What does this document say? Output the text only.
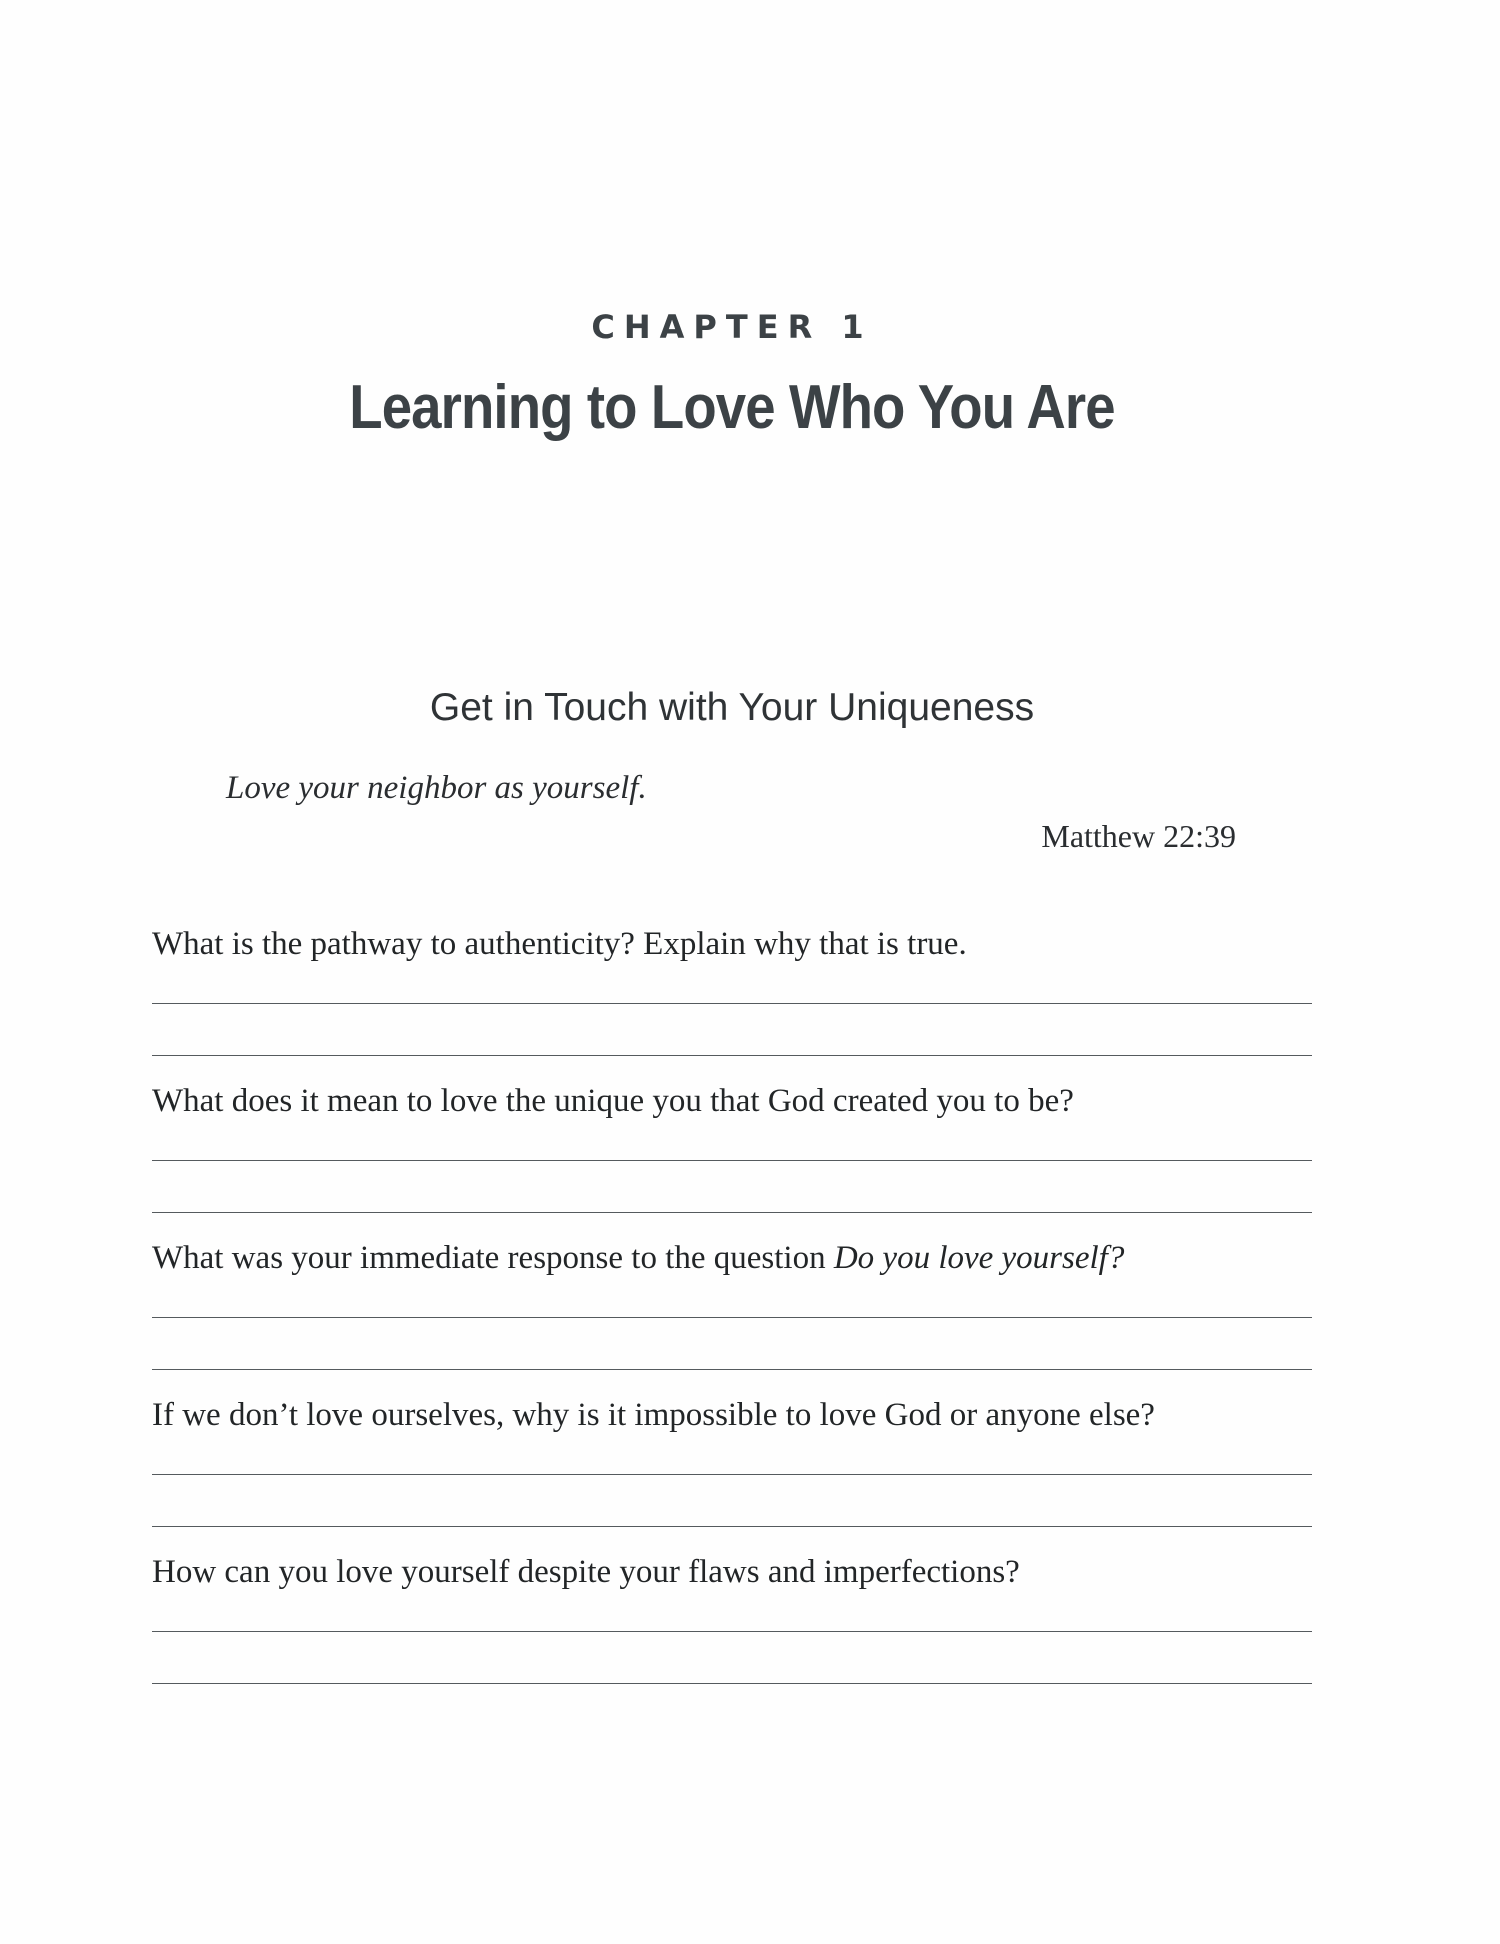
CHAPTER 1
Learning to Love Who You Are
Get in Touch with Your Uniqueness
Love your neighbor as yourself.
Matthew 22:39
What is the pathway to authenticity? Explain why that is true.
What does it mean to love the unique you that God created you to be?
What was your immediate response to the question Do you love yourself?
If we don’t love ourselves, why is it impossible to love God or anyone else?
How can you love yourself despite your flaws and imperfections?
